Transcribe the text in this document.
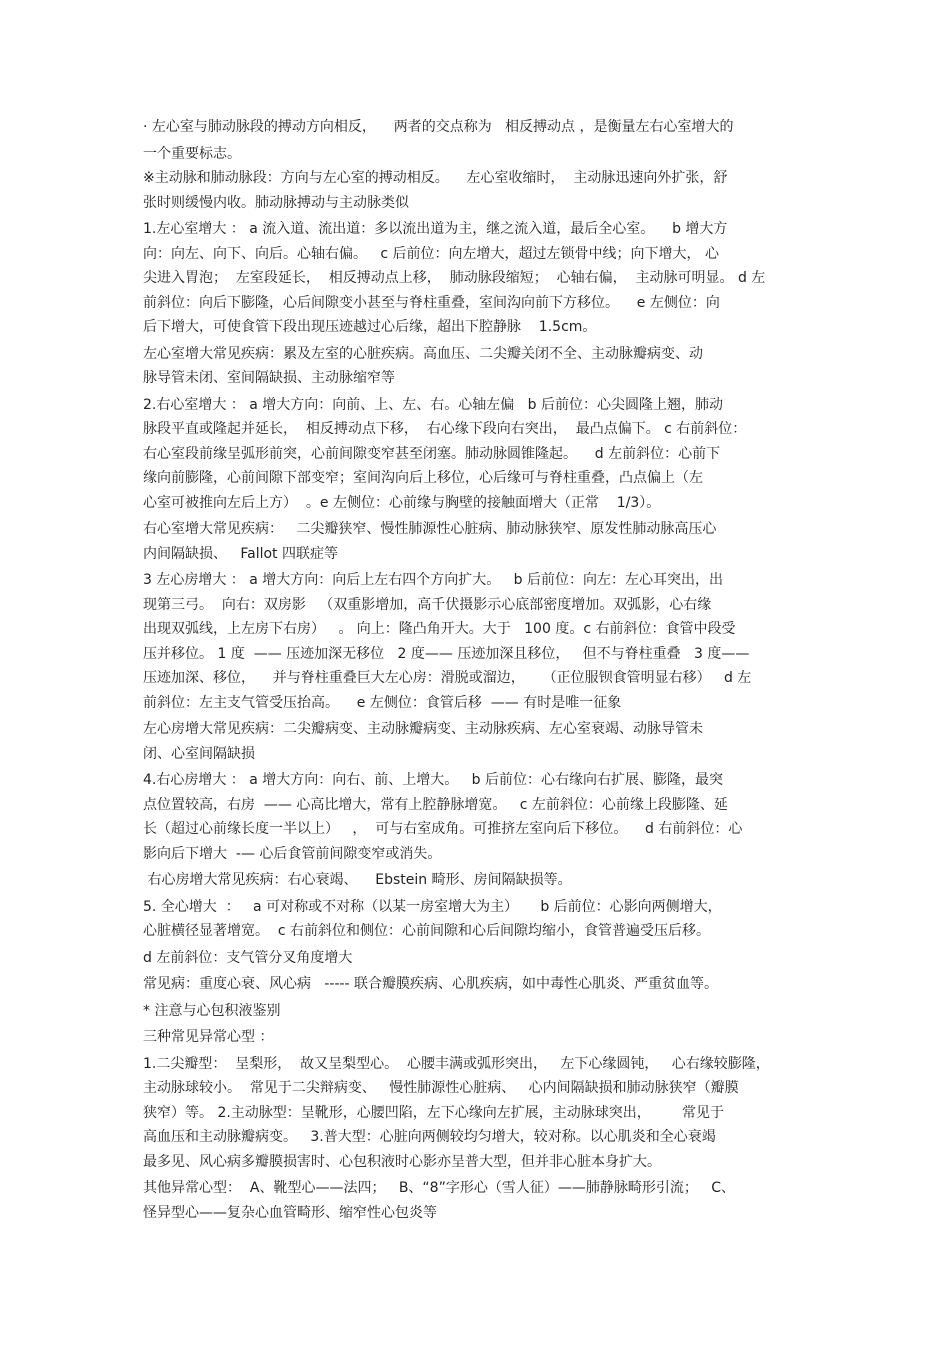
· 左心室与肺动脉段的搏动方向相反，    两者的交点称为   相反搏动点 ，是衡量左右心室增大的
一个重要标志。
※主动脉和肺动脉段：方向与左心室的搏动相反。    左心室收缩时，  主动脉迅速向外扩张，舒
张时则缓慢内收。肺动脉搏动与主动脉类似
1.左心室增大 ： a 流入道、流出道：多以流出道为主，继之流入道，最后全心室。    b 增大方
向：向左、向下、向后。心轴右偏。   c 后前位：向左增大，超过左锁骨中线；向下增大， 心
尖进入胃泡；  左室段延长，  相反搏动点上移，  肺动脉段缩短；  心轴右偏，  主动脉可明显。 d 左
前斜位：向后下膨隆，心后间隙变小甚至与脊柱重叠，室间沟向前下方移位。    e 左侧位：向
后下增大，可使食管下段出现压迹越过心后缘，超出下腔静脉    1.5cm。
左心室增大常见疾病：累及左室的心脏疾病。高血压、二尖瓣关闭不全、主动脉瓣病变、动
脉导管未闭、室间隔缺损、主动脉缩窄等
2.右心室增大 ： a 增大方向：向前、上、左、右。心轴左偏   b 后前位：心尖圆隆上翘，肺动
脉段平直或隆起并延长，  相反搏动点下移，  右心缘下段向右突出，  最凸点偏下。 c 右前斜位：
右心室段前缘呈弧形前突，心前间隙变窄甚至闭塞。肺动脉圆锥隆起。    d 左前斜位：心前下
缘向前膨隆，心前间隙下部变窄；室间沟向后上移位，心后缘可与脊柱重叠，凸点偏上（左
心室可被推向左后上方）  。e 左侧位：心前缘与胸壁的接触面增大（正常    1/3）。
右心室增大常见疾病：   二尖瓣狭窄、慢性肺源性心脏病、肺动脉狭窄、原发性肺动脉高压心
内间隔缺损、   Fallot 四联症等
3 左心房增大 ： a 增大方向：向后上左右四个方向扩大。   b 后前位：向左：左心耳突出，出
现第三弓。  向右：双房影   （双重影增加，高千伏摄影示心底部密度增加。双弧影，心右缘
出现双弧线，上左房下右房）   。 向上：隆凸角开大。大于   100 度。c 右前斜位：食管中段受
压并移位。 1 度  —— 压迹加深无移位   2 度—— 压迹加深且移位，   但不与脊柱重叠   3 度——
压迹加深、移位，    并与脊柱重叠巨大左心房：滑脱或溜边，    （正位服钡食管明显右移）   d 左
前斜位：左主支气管受压抬高。    e 左侧位：食管后移  —— 有时是唯一征象
左心房增大常见疾病：二尖瓣病变、主动脉瓣病变、主动脉疾病、左心室衰竭、动脉导管未
闭、心室间隔缺损
4.右心房增大 ： a 增大方向：向右、前、上增大。   b 后前位：心右缘向右扩展、膨隆，最突
点位置较高，右房  —— 心高比增大，常有上腔静脉增宽。   c 左前斜位：心前缘上段膨隆、延
长（超过心前缘长度一半以上）   ，  可与右室成角。可推挤左室向后下移位。    d 右前斜位：心
影向后下增大  -— 心后食管前间隙变窄或消失。
右心房增大常见疾病：右心衰竭、    Ebstein 畸形、房间隔缺损等。
5. 全心增大  ：   a 可对称或不对称（以某一房室增大为主）     b 后前位：心影向两侧增大，
心脏横径显著增宽。  c 右前斜位和侧位：心前间隙和心后间隙均缩小，食管普遍受压后移。
d 左前斜位：支气管分叉角度增大
常见病：重度心衰、风心病   ----- 联合瓣膜疾病、心肌疾病，如中毒性心肌炎、严重贫血等。
* 注意与心包积液鉴别
三种常见异常心型 ：
1.二尖瓣型：  呈梨形，  故又呈梨型心。  心腰丰满或弧形突出，   左下心缘圆钝，   心右缘较膨隆，
主动脉球较小。  常见于二尖辩病变、   慢性肺源性心脏病、   心内间隔缺损和肺动脉狭窄（瓣膜
狭窄）等。 2.主动脉型：呈靴形，心腰凹陷，左下心缘向左扩展，主动脉球突出，       常见于
高血压和主动脉瓣病变。   3.普大型：心脏向两侧较均匀增大，较对称。以心肌炎和全心衰竭
最多见、风心病多瓣膜损害时、心包积液时心影亦呈普大型，但并非心脏本身扩大。
其他异常心型：  A、靴型心——法四；   B、“8”字形心（雪人征）——肺静脉畸形引流；   C、
怪异型心——复杂心血管畸形、缩窄性心包炎等
